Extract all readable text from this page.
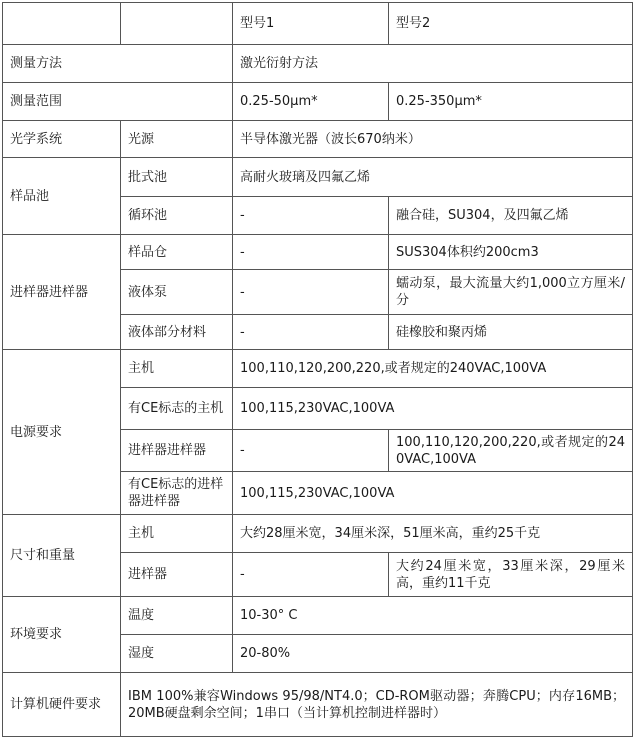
		型号1	型号2
测量方法		激光衍射方法	
测量范围		0.25-50μm*	0.25-350μm*
光学系统	光源	半导体激光器（波长670纳米）	
样品池	批式池	高耐火玻璃及四氟乙烯	
	循环池	-	融合硅，SU304，及四氟乙烯
进样器进样器	样品仓	-	SUS304体积约200cm3
	液体泵	-	蠕动泵，最大流量大约1,000立方厘米/分
	液体部分材料	-	硅橡胶和聚丙烯
电源要求	主机	100,110,120,200,220,或者规定的240VAC,100VA	
	有CE标志的主机	100,115,230VAC,100VA	
	进样器进样器	-	100,110,120,200,220,或者规定的240VAC,100VA
	有CE标志的进样器进样器	100,115,230VAC,100VA	
尺寸和重量	主机	大约28厘米宽，34厘米深，51厘米高，重约25千克	
	进样器	-	大约24厘米宽，33厘米深，29厘米高，重约11千克
环境要求	温度	10-30° C	
	湿度	20-80%	
计算机硬件要求	IBM 100%兼容Windows 95/98/NT4.0；CD-ROM驱动器；奔腾CPU；内存16MB；20MB硬盘剩余空间；1串口（当计算机控制进样器时）		
